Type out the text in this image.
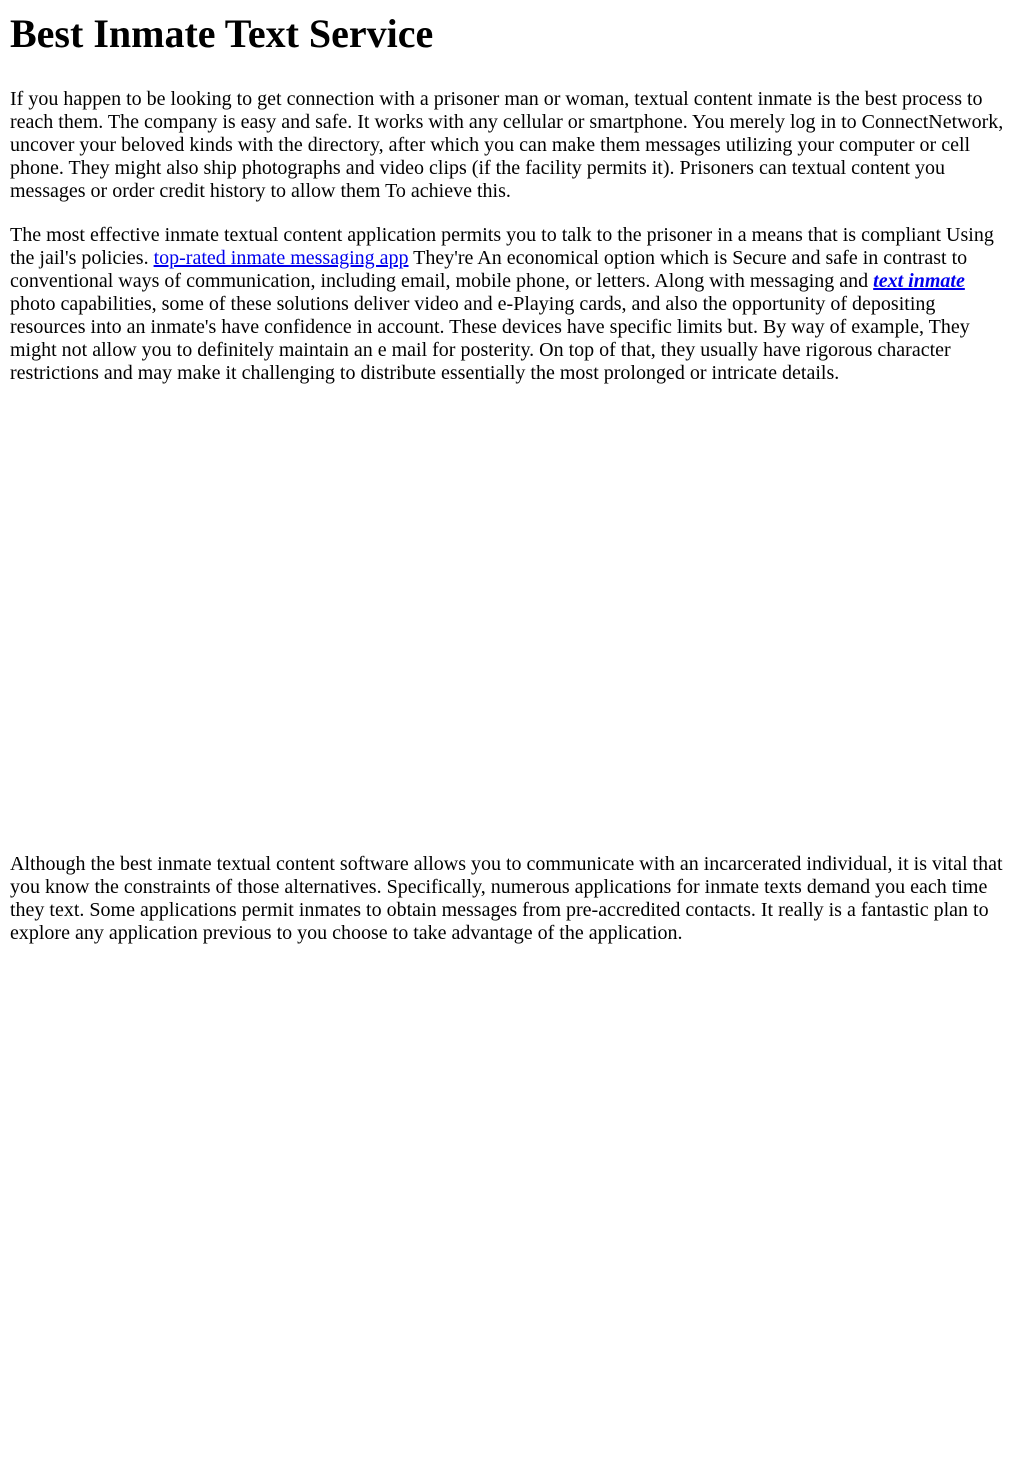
Best Inmate Text Service

If you happen to be looking to get connection with a prisoner man or woman, textual content inmate is the best process to reach them. The company is easy and safe. It works with any cellular or smartphone. You merely log in to ConnectNetwork, uncover your beloved kinds with the directory, after which you can make them messages utilizing your computer or cell phone. They might also ship photographs and video clips (if the facility permits it). Prisoners can textual content you messages or order credit history to allow them To achieve this.

The most effective inmate textual content application permits you to talk to the prisoner in a means that is compliant Using the jail's policies. top-rated inmate messaging app They're An economical option which is Secure and safe in contrast to conventional ways of communication, including email, mobile phone, or letters. Along with messaging and text inmate photo capabilities, some of these solutions deliver video and e-Playing cards, and also the opportunity of depositing resources into an inmate's have confidence in account. These devices have specific limits but. By way of example, They might not allow you to definitely maintain an e mail for posterity. On top of that, they usually have rigorous character restrictions and may make it challenging to distribute essentially the most prolonged or intricate details.

Although the best inmate textual content software allows you to communicate with an incarcerated individual, it is vital that you know the constraints of those alternatives. Specifically, numerous applications for inmate texts demand you each time they text. Some applications permit inmates to obtain messages from pre-accredited contacts. It really is a fantastic plan to explore any application previous to you choose to take advantage of the application.
